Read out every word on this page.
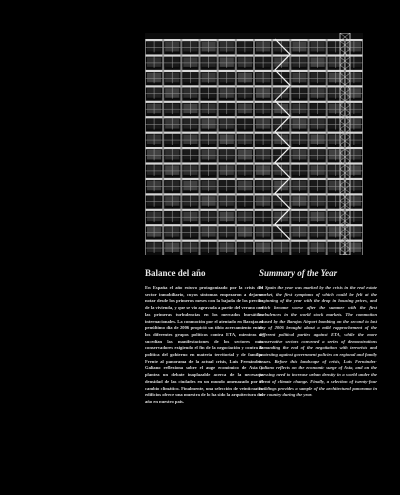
Balance del año

En España el año estuvo protagonizado por la crisis del sector inmobiliario, cuyos síntomas empezaron a dejarse notar desde los primeros meses con la bajada de los precios de la vivienda, y que se vio agravada a partir del verano con las primeras turbulencias en los mercados bursátiles internacionales. La conmoción por el atentado en Barajas el penúltimo día de 2006 propició un tibio acercamiento entre los diferentes grupos políticos contra ETA, mientras se sucedían las manifestaciones de los sectores más conservadores exigiendo el fin de la negociación y contra la política del gobierno en materia territorial y de familia. Frente al panorama de la actual crisis, Luis Fernández-Galiano reflexiona sobre el auge económico de Asia y plantea un debate inaplazable acerca de la necesaria densidad de las ciudades en un mundo amenazado por el cambio climático. Finalmente, una selección de veinticuatro edificios ofrece una muestra de lo ha sido la arquitectura del año en nuestro país.

Summary of the Year

In Spain the year was marked by the crisis in the real estate market, the first symptoms of which could be felt at the beginning of the year with the drop in housing prices, and which became worse after the summer with the first turbulences in the world stock markets. The commotion caused by the Barajas Airport bombing on the second to last day of 2006 brought about a mild rapprochement of the different political parties against ETA, while the more conservative sectors convened a series of demonstrations demanding the end of the negotiation with terrorists and protesting against government policies on regional and family issues. Before this landscape of crisis, Luis Fernández-Galiano reflects on the economic surge of Asia, and on the pressing need to increase urban density in a world under the threat of climate change. Finally, a selection of twenty-four buildings provides a sample of the architectural panorama in our country during the year.
